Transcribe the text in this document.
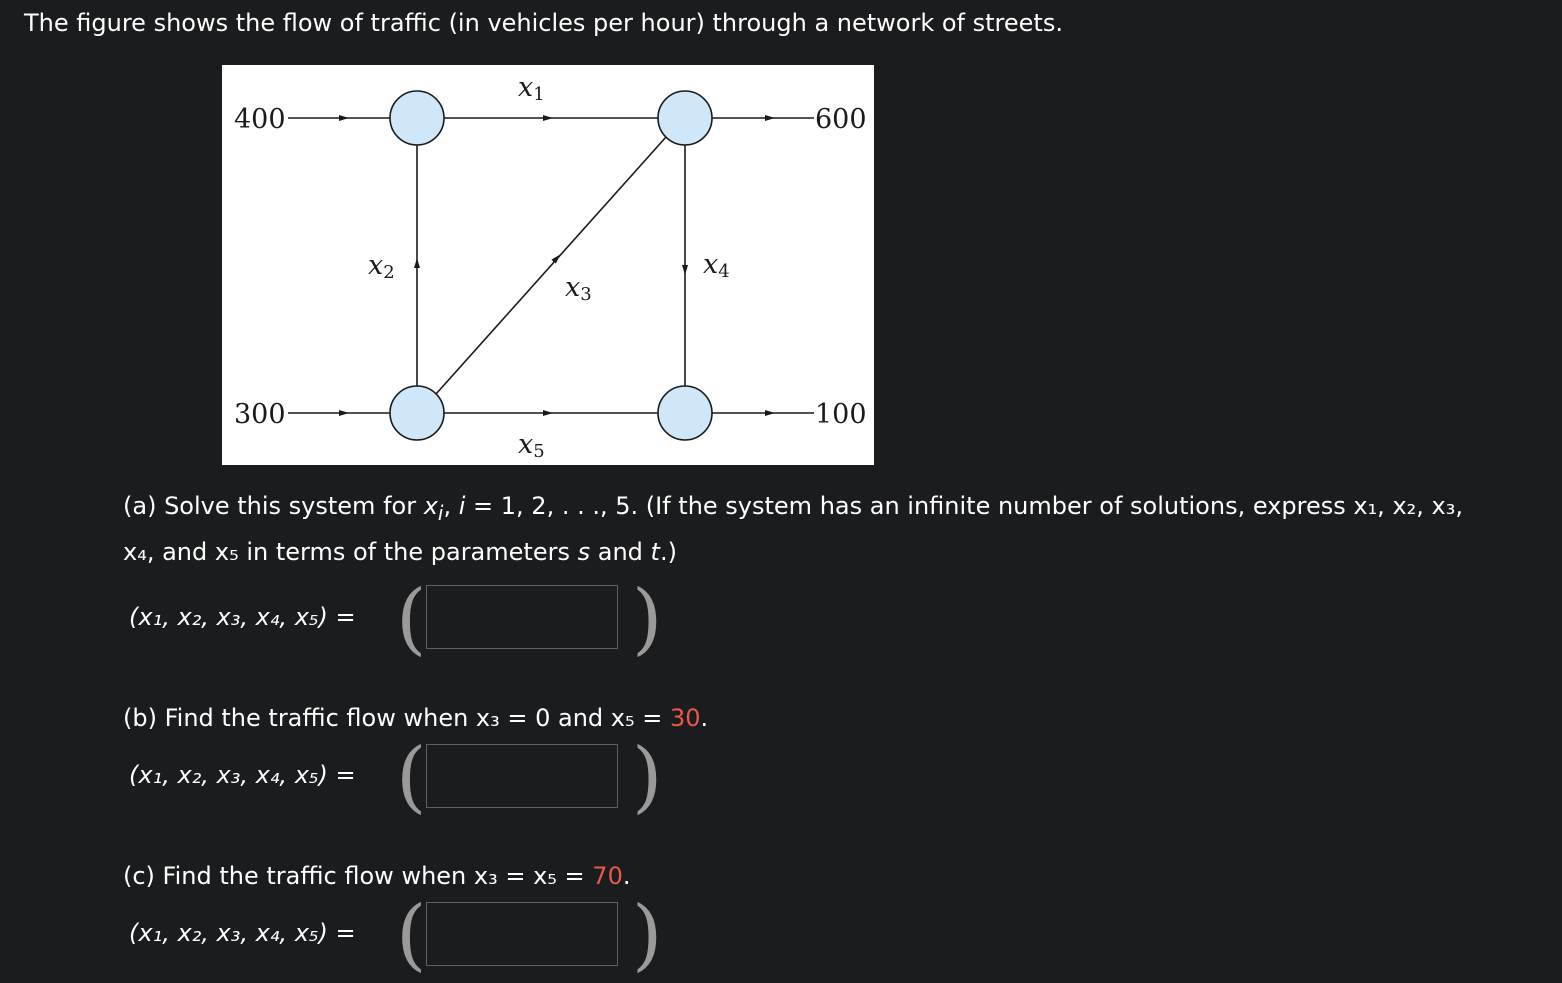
The figure shows the flow of traffic (in vehicles per hour) through a network of streets.
400
300
600
100
x1
x2	x3
x4
x5
(a) Solve this system for $x_i$, i = 1, 2, . . ., 5. (If the system has an infinite number of solutions, express x₁, x₂, x₃,
x₄, and x₅ in terms of the parameters s and t.)
(x₁, x₂, x₃, x₄, x₅) = (	)
(b) Find the traffic flow when x₃ = 0 and x₅ = 30.
(x₁, x₂, x₃, x₄, x₅) = (	)
(c) Find the traffic flow when x₃ = x₅ = 70.
(x₁, x₂, x₃, x₄, x₅) = (	)
